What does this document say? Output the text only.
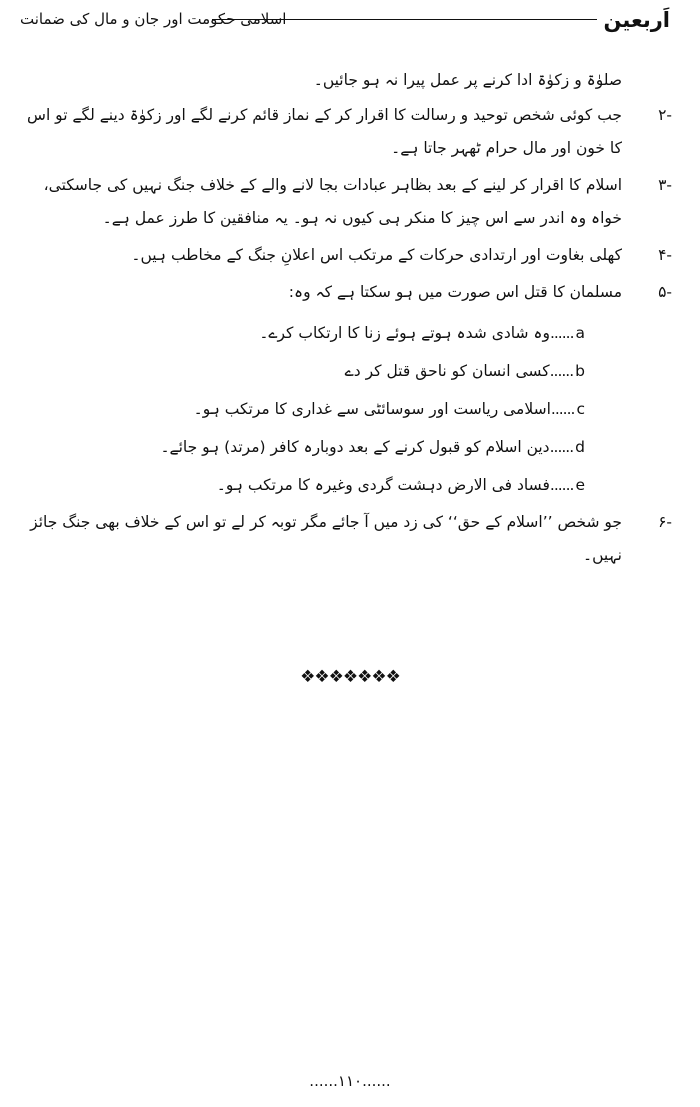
اَربعین
اسلامی حکومت اور جان و مال کی ضمانت
صلوٰۃ و زکوٰۃ ادا کرنے پر عمل پیرا نہ ہو جائیں۔
-۲
جب کوئی شخص توحید و رسالت کا اقرار کر کے نماز قائم کرنے لگے اور زکوٰۃ دینے لگے تو اس کا خون اور مال حرام ٹھہر جاتا ہے۔
-۳
اسلام کا اقرار کر لینے کے بعد بظاہر عبادات بجا لانے والے کے خلاف جنگ نہیں کی جاسکتی، خواہ وہ اندر سے اس چیز کا منکر ہی کیوں نہ ہو۔ یہ منافقین کا طرز عمل ہے۔
-۴
کھلی بغاوت اور ارتدادی حرکات کے مرتکب اس اعلانِ جنگ کے مخاطب ہیں۔
-۵
مسلمان کا قتل اس صورت میں ہو سکتا ہے کہ وہ:
a......وہ شادی شدہ ہوتے ہوئے زنا کا ارتکاب کرے۔
b......کسی انسان کو ناحق قتل کر دے
c......اسلامی ریاست اور سوسائٹی سے غداری کا مرتکب ہو۔
d......دین اسلام کو قبول کرنے کے بعد دوبارہ کافر (مرتد) ہو جائے۔
e......فساد فی الارض دہشت گردی وغیرہ کا مرتکب ہو۔
-۶
جو شخص ’’اسلام کے حق‘‘ کی زد میں آ جائے مگر توبہ کر لے تو اس کے خلاف بھی جنگ جائز نہیں۔
❖❖❖❖❖❖❖
......۱۱۰......
